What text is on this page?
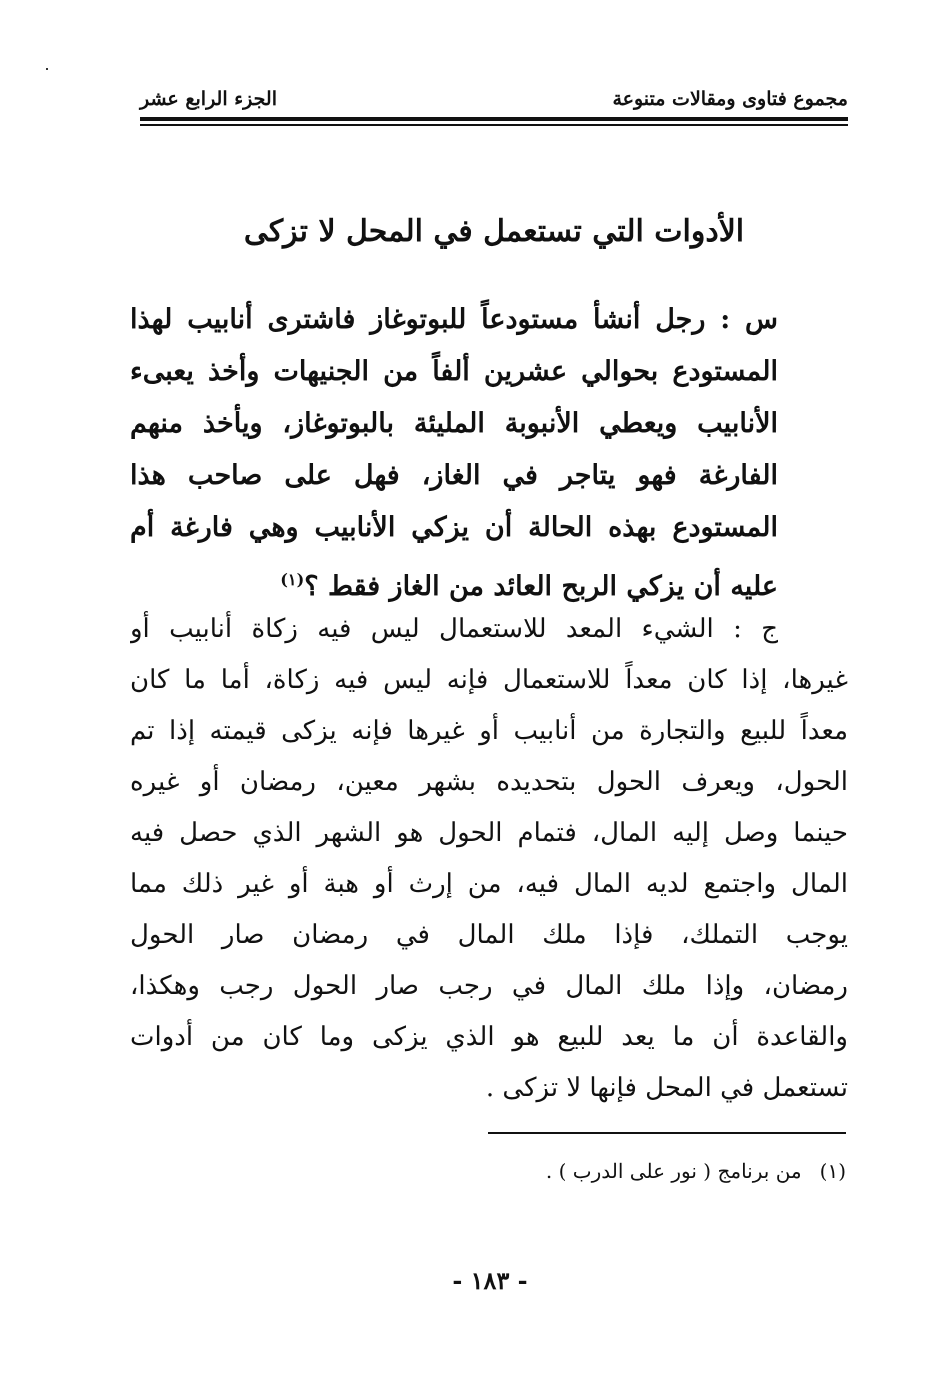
مجموع فتاوى ومقالات متنوعة
الجزء الرابع عشر
الأدوات التي تستعمل في المحل لا تزكى
س : رجل أنشأ مستودعاً للبوتوغاز فاشترى أنابيب لهذا
المستودع بحوالي عشرين ألفاً من الجنيهات وأخذ يعبىء
الأنابيب ويعطي الأنبوبة المليئة بالبوتوغاز، ويأخذ منهم
الفارغة فهو يتاجر في الغاز، فهل على صاحب هذا
المستودع بهذه الحالة أن يزكي الأنابيب وهي فارغة أم
عليه أن يزكي الربح العائد من الغاز فقط ؟$^{(١)}$
ج : الشيء المعد للاستعمال ليس فيه زكاة أنابيب أو
غيرها، إذا كان معداً للاستعمال فإنه ليس فيه زكاة، أما ما كان
معداً للبيع والتجارة من أنابيب أو غيرها فإنه يزكى قيمته إذا تم
الحول، ويعرف الحول بتحديده بشهر معين، رمضان أو غيره
حينما وصل إليه المال، فتمام الحول هو الشهر الذي حصل فيه
المال واجتمع لديه المال فيه، من إرث أو هبة أو غير ذلك مما
يوجب التملك، فإذا ملك المال في رمضان صار الحول
رمضان، وإذا ملك المال في رجب صار الحول رجب وهكذا،
والقاعدة أن ما يعد للبيع هو الذي يزكى وما كان من أدوات
تستعمل في المحل فإنها لا تزكى .
(١)من برنامج ( نور على الدرب ) .
- ١٨٣ -
